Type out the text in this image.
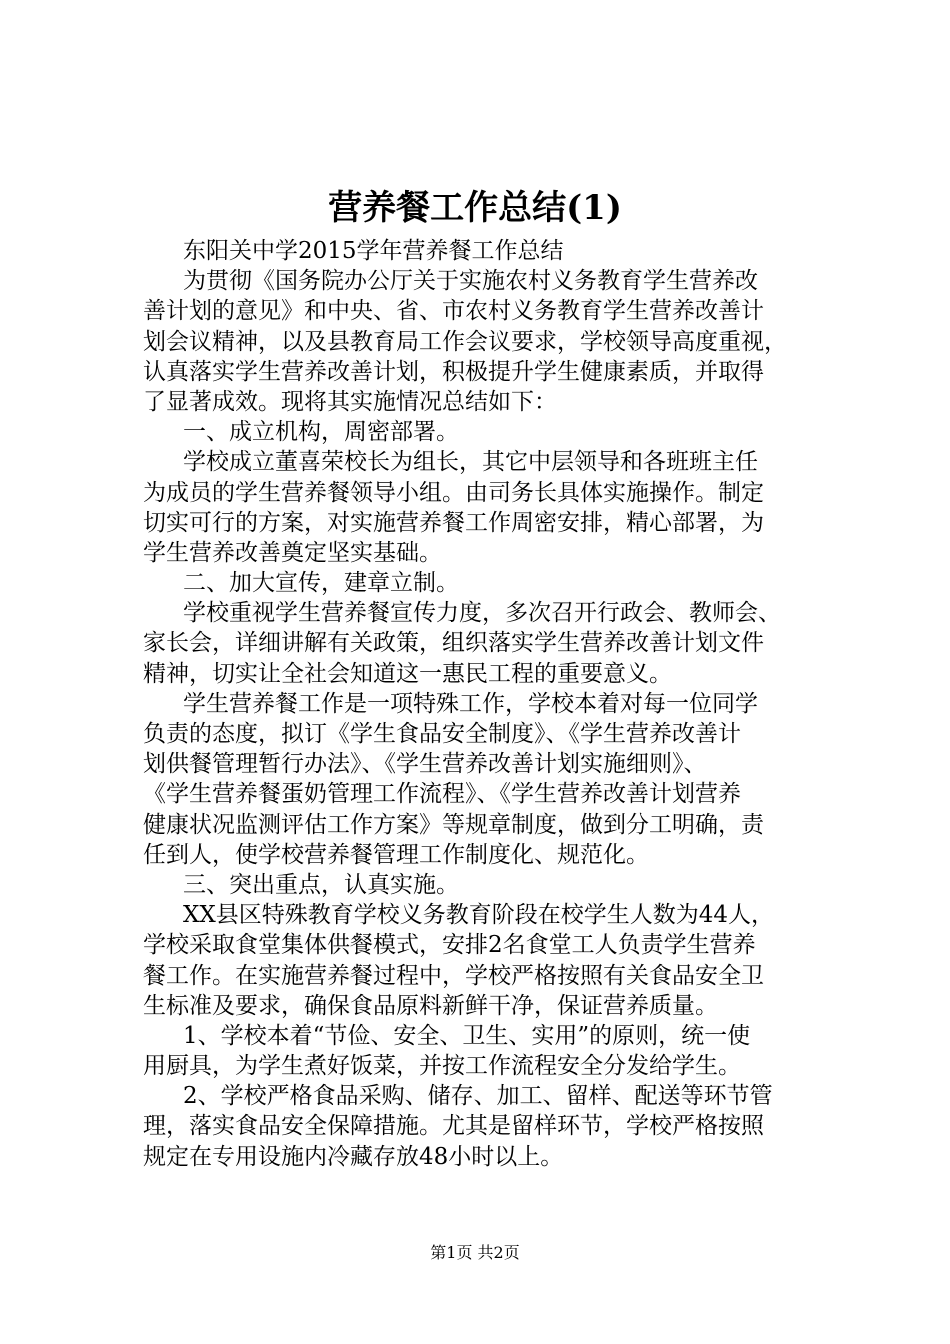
营养餐工作总结(1)
东阳关中学2015学年营养餐工作总结
为贯彻《国务院办公厅关于实施农村义务教育学生营养改
善计划的意见》和中央、省、市农村义务教育学生营养改善计
划会议精神，以及县教育局工作会议要求，学校领导高度重视，
认真落实学生营养改善计划，积极提升学生健康素质，并取得
了显著成效。现将其实施情况总结如下：
一、成立机构，周密部署。
学校成立董喜荣校长为组长，其它中层领导和各班班主任
为成员的学生营养餐领导小组。由司务长具体实施操作。制定
切实可行的方案，对实施营养餐工作周密安排，精心部署，为
学生营养改善奠定坚实基础。
二、加大宣传，建章立制。
学校重视学生营养餐宣传力度，多次召开行政会、教师会、
家长会，详细讲解有关政策，组织落实学生营养改善计划文件
精神，切实让全社会知道这一惠民工程的重要意义。
学生营养餐工作是一项特殊工作，学校本着对每一位同学
负责的态度，拟订《学生食品安全制度》、《学生营养改善计
划供餐管理暂行办法》、《学生营养改善计划实施细则》、
《学生营养餐蛋奶管理工作流程》、《学生营养改善计划营养
健康状况监测评估工作方案》等规章制度，做到分工明确，责
任到人，使学校营养餐管理工作制度化、规范化。
三、突出重点，认真实施。
XX县区特殊教育学校义务教育阶段在校学生人数为44人，
学校采取食堂集体供餐模式，安排2名食堂工人负责学生营养
餐工作。在实施营养餐过程中，学校严格按照有关食品安全卫
生标准及要求，确保食品原料新鲜干净，保证营养质量。
1、学校本着“节俭、安全、卫生、实用”的原则，统一使
用厨具，为学生煮好饭菜，并按工作流程安全分发给学生。
2、学校严格食品采购、储存、加工、留样、配送等环节管
理，落实食品安全保障措施。尤其是留样环节，学校严格按照
规定在专用设施内冷藏存放48小时以上。
第1页 共2页
